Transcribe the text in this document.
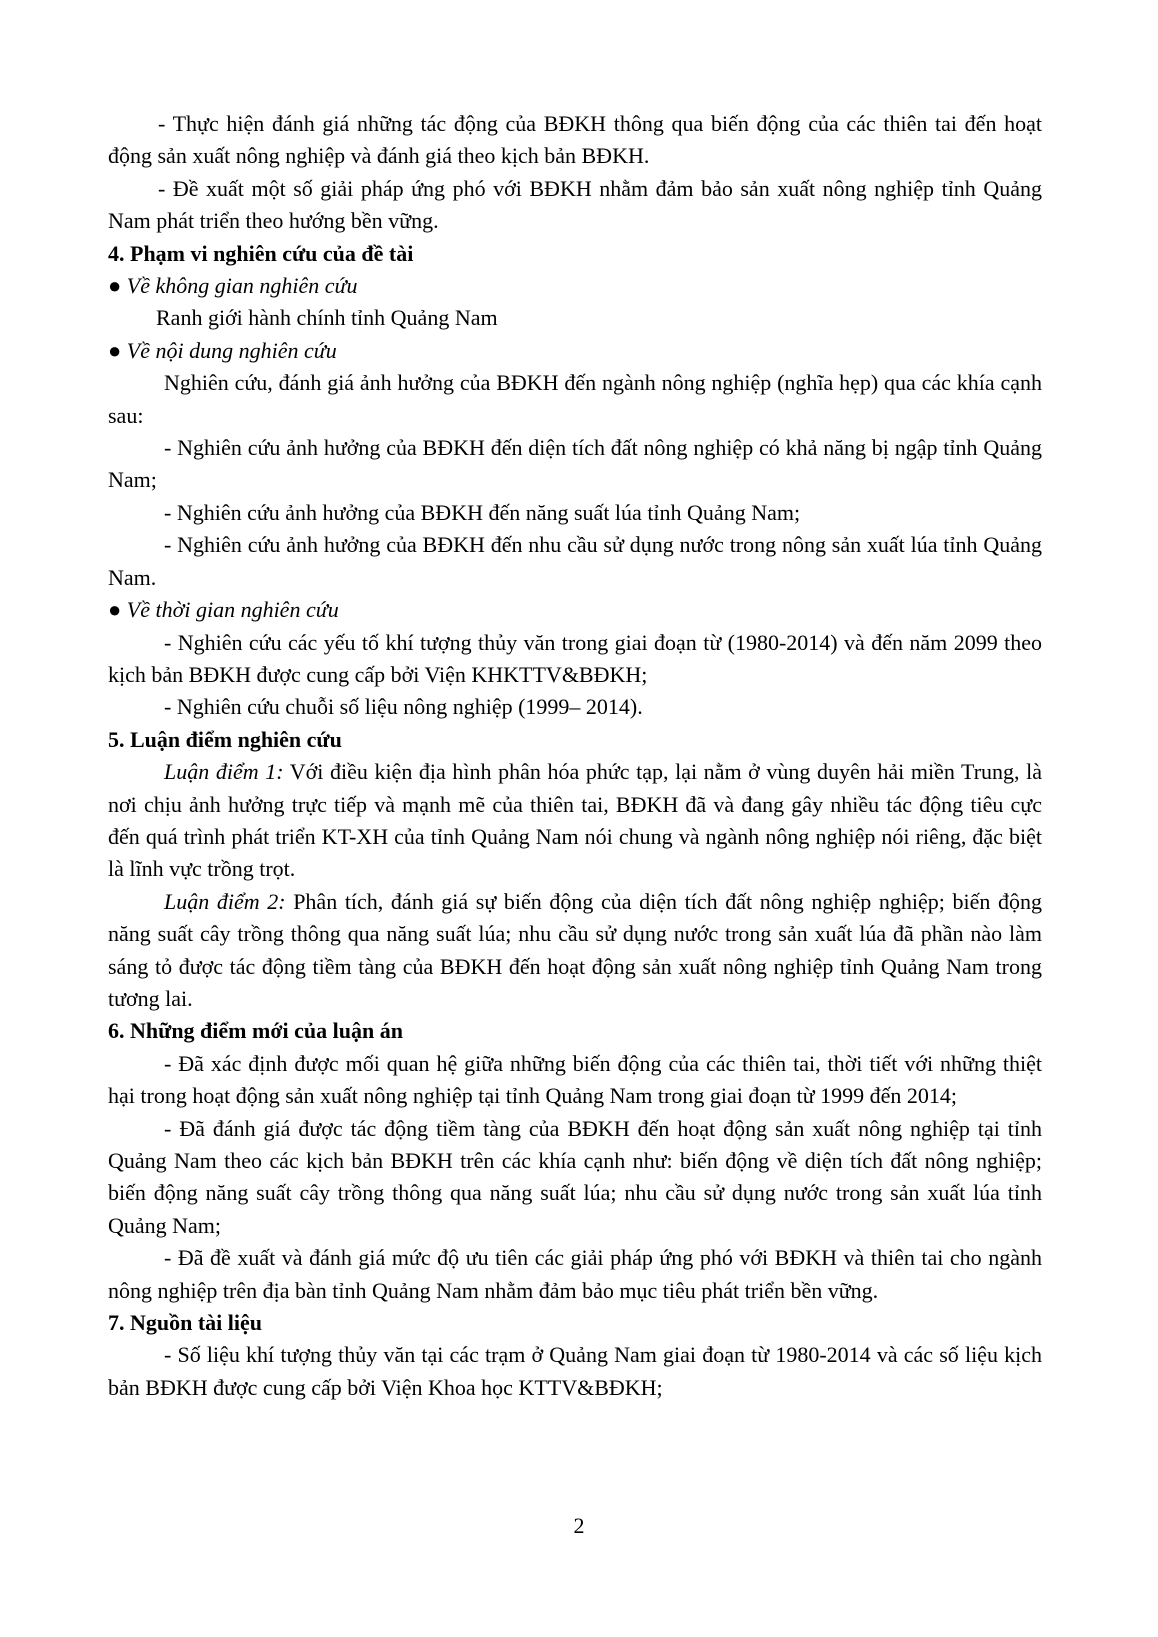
- Thực hiện đánh giá những tác động của BĐKH thông qua biến động của các thiên tai đến hoạt động sản xuất nông nghiệp và đánh giá theo kịch bản BĐKH.

- Đề xuất một số giải pháp ứng phó với BĐKH nhằm đảm bảo sản xuất nông nghiệp tỉnh Quảng Nam phát triển theo hướng bền vững.

4. Phạm vi nghiên cứu của đề tài

● Về không gian nghiên cứu

Ranh giới hành chính tỉnh Quảng Nam

● Về nội dung nghiên cứu

Nghiên cứu, đánh giá ảnh hưởng của BĐKH đến ngành nông nghiệp (nghĩa hẹp) qua các khía cạnh sau:

- Nghiên cứu ảnh hưởng của BĐKH đến diện tích đất nông nghiệp có khả năng bị ngập tỉnh Quảng Nam;

- Nghiên cứu ảnh hưởng của BĐKH đến năng suất lúa tỉnh Quảng Nam;

- Nghiên cứu ảnh hưởng của BĐKH đến nhu cầu sử dụng nước trong nông sản xuất lúa tỉnh Quảng Nam.

● Về thời gian nghiên cứu

- Nghiên cứu các yếu tố khí tượng thủy văn trong giai đoạn từ (1980-2014) và đến năm 2099 theo kịch bản BĐKH được cung cấp bởi Viện KHKTTV&BĐKH;

- Nghiên cứu chuỗi số liệu nông nghiệp (1999– 2014).

5. Luận điểm nghiên cứu

Luận điểm 1: Với điều kiện địa hình phân hóa phức tạp, lại nằm ở vùng duyên hải miền Trung, là nơi chịu ảnh hưởng trực tiếp và mạnh mẽ của thiên tai, BĐKH đã và đang gây nhiều tác động tiêu cực đến quá trình phát triển KT-XH của tỉnh Quảng Nam nói chung và ngành nông nghiệp nói riêng, đặc biệt là lĩnh vực trồng trọt.

Luận điểm 2: Phân tích, đánh giá sự biến động của diện tích đất nông nghiệp nghiệp; biến động năng suất cây trồng thông qua năng suất lúa; nhu cầu sử dụng nước trong sản xuất lúa đã phần nào làm sáng tỏ được tác động tiềm tàng của BĐKH đến hoạt động sản xuất nông nghiệp tỉnh Quảng Nam trong tương lai.

6. Những điểm mới của luận án

- Đã xác định được mối quan hệ giữa những biến động của các thiên tai, thời tiết với những thiệt hại trong hoạt động sản xuất nông nghiệp tại tỉnh Quảng Nam trong giai đoạn từ 1999 đến 2014;

- Đã đánh giá được tác động tiềm tàng của BĐKH đến hoạt động sản xuất nông nghiệp tại tỉnh Quảng Nam theo các kịch bản BĐKH trên các khía cạnh như: biến động về diện tích đất nông nghiệp; biến động năng suất cây trồng thông qua năng suất lúa; nhu cầu sử dụng nước trong sản xuất lúa tỉnh Quảng Nam;

- Đã đề xuất và đánh giá mức độ ưu tiên các giải pháp ứng phó với BĐKH và thiên tai cho ngành nông nghiệp trên địa bàn tỉnh Quảng Nam nhằm đảm bảo mục tiêu phát triển bền vững.

7. Nguồn tài liệu

- Số liệu khí tượng thủy văn tại các trạm ở Quảng Nam giai đoạn từ 1980-2014 và các số liệu kịch bản BĐKH được cung cấp bởi Viện Khoa học KTTV&BĐKH;

2
